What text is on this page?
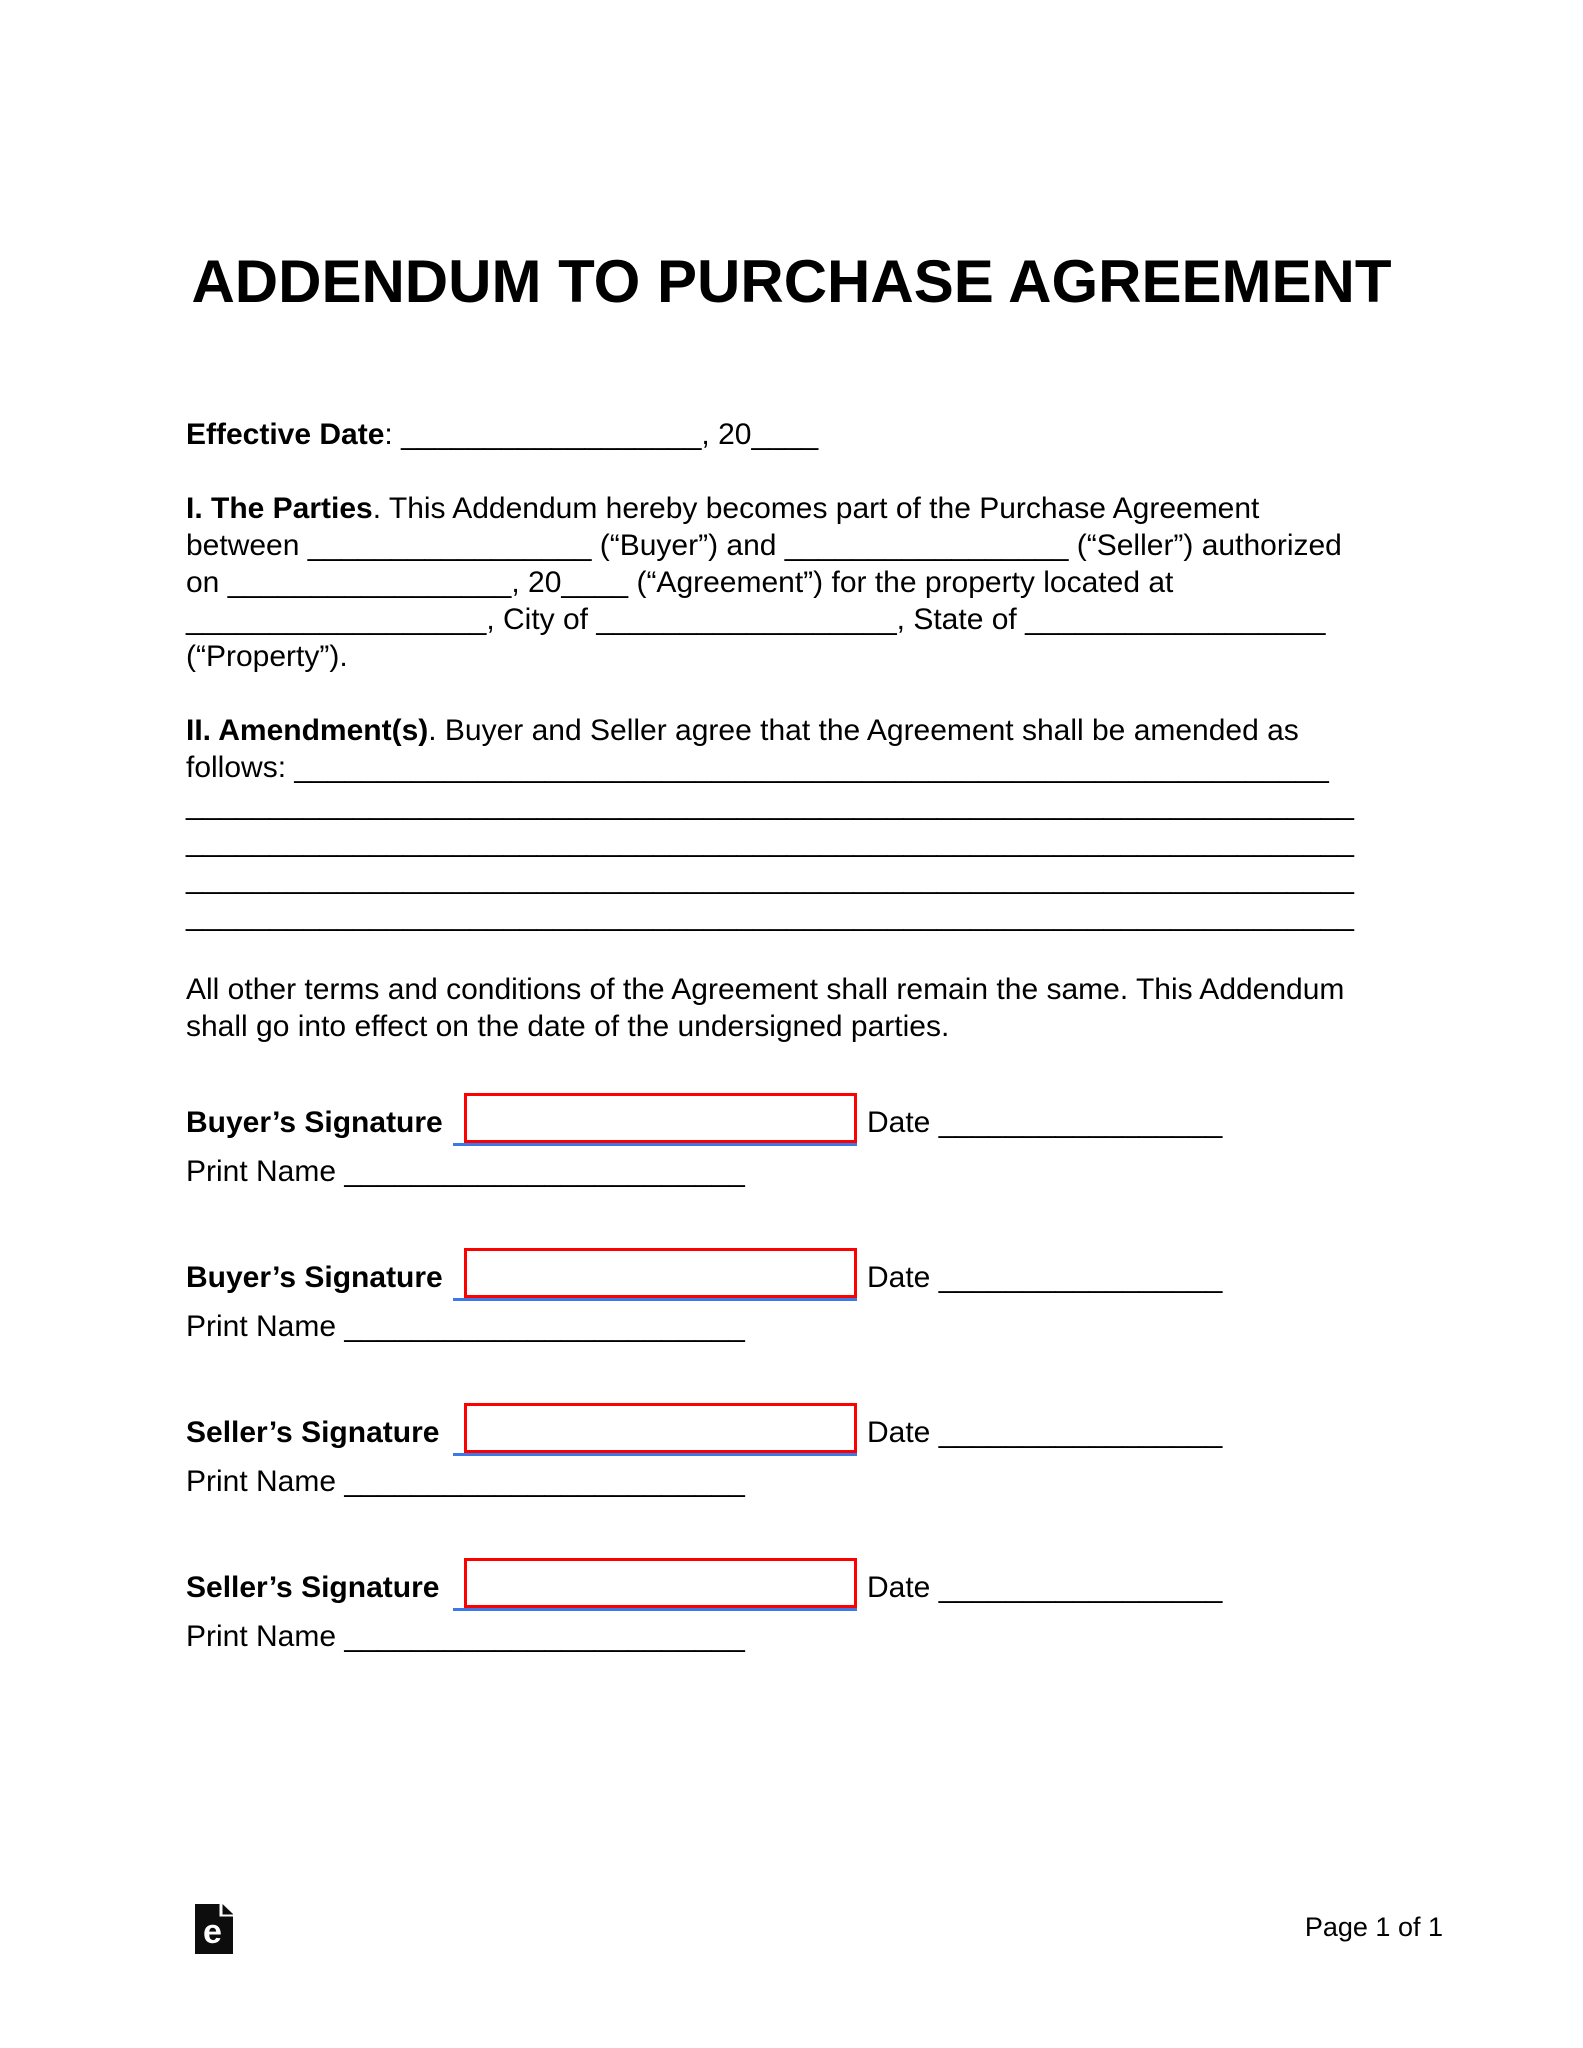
ADDENDUM TO PURCHASE AGREEMENT
Effective Date: __________________, 20____
I. The Parties. This Addendum hereby becomes part of the Purchase Agreement
between _________________ (“Buyer”) and _________________ (“Seller”) authorized
on _________________, 20____ (“Agreement”) for the property located at
__________________, City of __________________, State of __________________
(“Property”).
II. Amendment(s). Buyer and Seller agree that the Agreement shall be amended as
follows: ______________________________________________________________
______________________________________________________________________
______________________________________________________________________
______________________________________________________________________
______________________________________________________________________
All other terms and conditions of the Agreement shall remain the same. This Addendum
shall go into effect on the date of the undersigned parties.
Buyer’s Signature	Date _________________
Print Name ________________________
Buyer’s Signature	Date _________________
Print Name ________________________
Seller’s Signature	Date _________________
Print Name ________________________
Seller’s Signature	Date _________________
Print Name ________________________
e	Page 1 of 1
